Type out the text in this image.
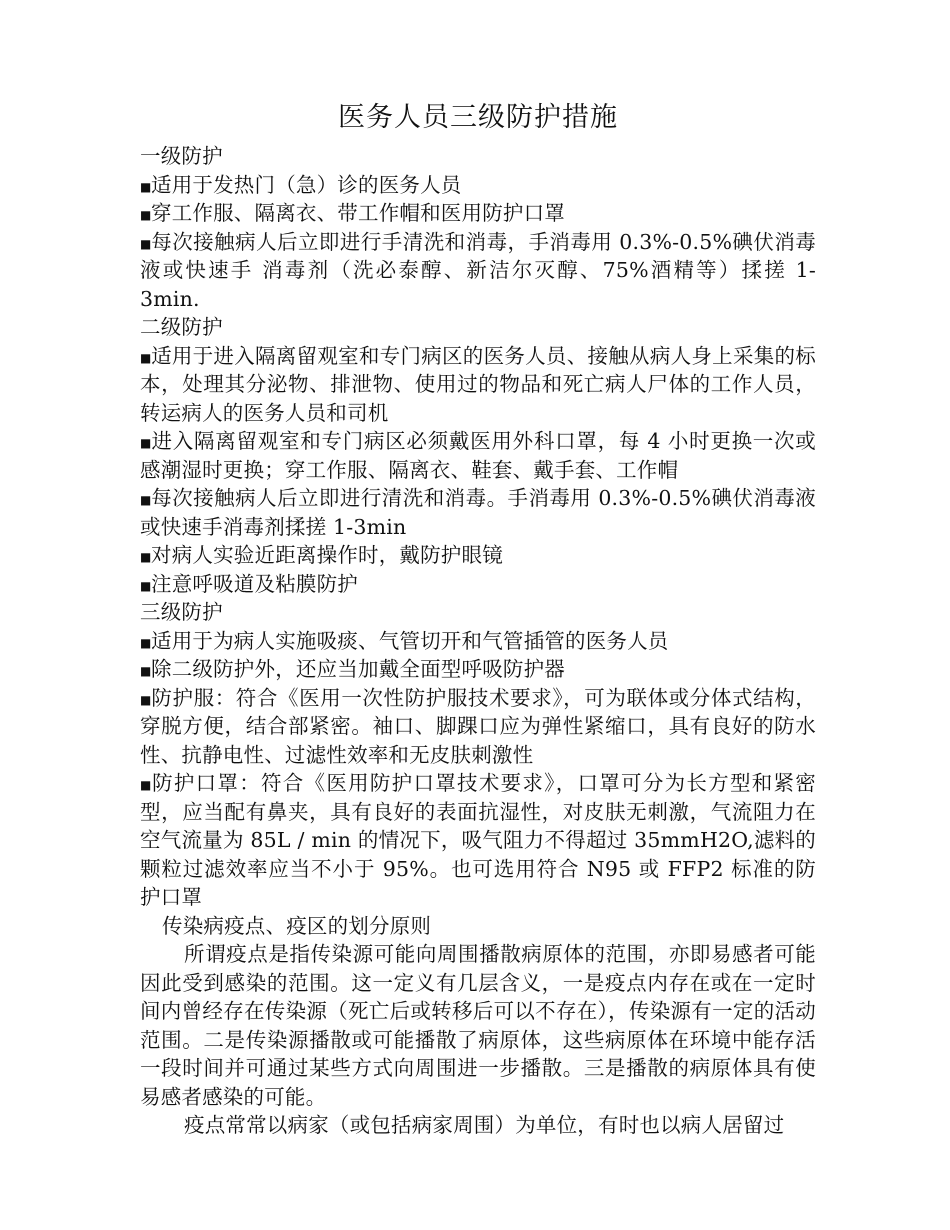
医务人员三级防护措施

一级防护

■适用于发热门（急）诊的医务人员

■穿工作服、隔离衣、带工作帽和医用防护口罩

■每次接触病人后立即进行手清洗和消毒，手消毒用 0.3%-0.5%碘伏消毒液或快速手 消毒剂（洗必泰醇、新洁尔灭醇、75%酒精等）揉搓 1-3min.

二级防护

■适用于进入隔离留观室和专门病区的医务人员、接触从病人身上采集的标本，处理其分泌物、排泄物、使用过的物品和死亡病人尸体的工作人员，转运病人的医务人员和司机

■进入隔离留观室和专门病区必须戴医用外科口罩，每 4 小时更换一次或感潮湿时更换；穿工作服、隔离衣、鞋套、戴手套、工作帽

■每次接触病人后立即进行清洗和消毒。手消毒用 0.3%-0.5%碘伏消毒液或快速手消毒剂揉搓 1-3min

■对病人实验近距离操作时，戴防护眼镜

■注意呼吸道及粘膜防护

三级防护

■适用于为病人实施吸痰、气管切开和气管插管的医务人员

■除二级防护外，还应当加戴全面型呼吸防护器

■防护服：符合《医用一次性防护服技术要求》，可为联体或分体式结构，穿脱方便，结合部紧密。袖口、脚踝口应为弹性紧缩口，具有良好的防水性、抗静电性、过滤性效率和无皮肤刺激性

■防护口罩：符合《医用防护口罩技术要求》，口罩可分为长方型和紧密型，应当配有鼻夹，具有良好的表面抗湿性，对皮肤无刺激，气流阻力在空气流量为 85L / min 的情况下，吸气阻力不得超过 35mmH2O,滤料的颗粒过滤效率应当不小于 95%。也可选用符合 N95 或 FFP2 标准的防护口罩

传染病疫点、疫区的划分原则

所谓疫点是指传染源可能向周围播散病原体的范围，亦即易感者可能因此受到感染的范围。这一定义有几层含义，一是疫点内存在或在一定时间内曾经存在传染源（死亡后或转移后可以不存在），传染源有一定的活动范围。二是传染源播散或可能播散了病原体，这些病原体在环境中能存活一段时间并可通过某些方式向周围进一步播散。三是播散的病原体具有使易感者感染的可能。

疫点常常以病家（或包括病家周围）为单位，有时也以病人居留过
